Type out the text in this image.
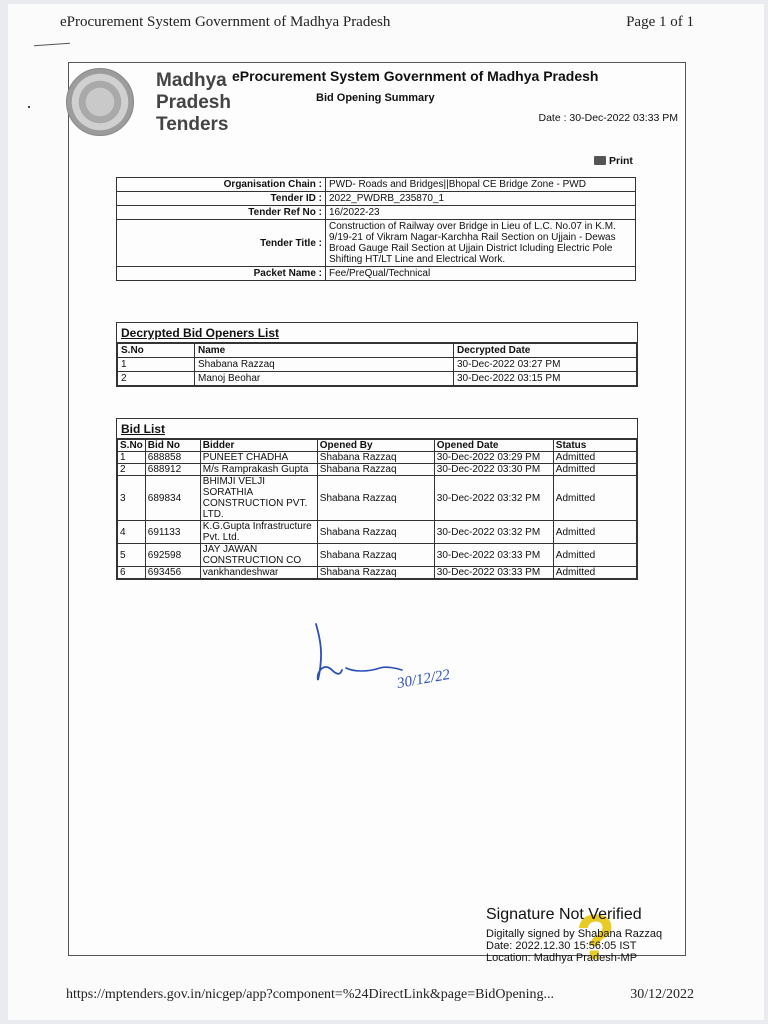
eProcurement System Government of Madhya Pradesh	Page 1 of 1
Madhya
Pradesh
Tenders
eProcurement System Government of Madhya Pradesh
Bid Opening Summary
Date : 30-Dec-2022 03:33 PM
Print
Organisation Chain :	PWD- Roads and Bridges||Bhopal CE Bridge Zone - PWD
Tender ID :	2022_PWDRB_235870_1
Tender Ref No :	16/2022-23
Tender Title :	Construction of Railway over Bridge in Lieu of L.C. No.07 in K.M. 9/19-21 of Vikram Nagar-Karchha Rail Section on Ujjain - Dewas Broad Gauge Rail Section at Ujjain District Icluding Electric Pole Shifting HT/LT Line and Electrical Work.
Packet Name :	Fee/PreQual/Technical
Decrypted Bid Openers List
S.No	Name	Decrypted Date
1	Shabana Razzaq	30-Dec-2022 03:27 PM
2	Manoj Beohar	30-Dec-2022 03:15 PM
Bid List
S.No	Bid No	Bidder	Opened By	Opened Date	Status
1	688858	PUNEET CHADHA	Shabana Razzaq	30-Dec-2022 03:29 PM	Admitted
2	688912	M/s Ramprakash Gupta	Shabana Razzaq	30-Dec-2022 03:30 PM	Admitted
3	689834	BHIMJI VELJI SORATHIA CONSTRUCTION PVT. LTD.	Shabana Razzaq	30-Dec-2022 03:32 PM	Admitted
4	691133	K.G.Gupta Infrastructure Pvt. Ltd.	Shabana Razzaq	30-Dec-2022 03:32 PM	Admitted
5	692598	JAY JAWAN CONSTRUCTION CO	Shabana Razzaq	30-Dec-2022 03:33 PM	Admitted
6	693456	vankhandeshwar	Shabana Razzaq	30-Dec-2022 03:33 PM	Admitted
30/12/22
?
Signature Not Verified
Digitally signed by Shabana Razzaq
Date: 2022.12.30 15:56:05 IST
Location: Madhya Pradesh-MP
https://mptenders.gov.in/nicgep/app?component=%24DirectLink&page=BidOpening...	30/12/2022
